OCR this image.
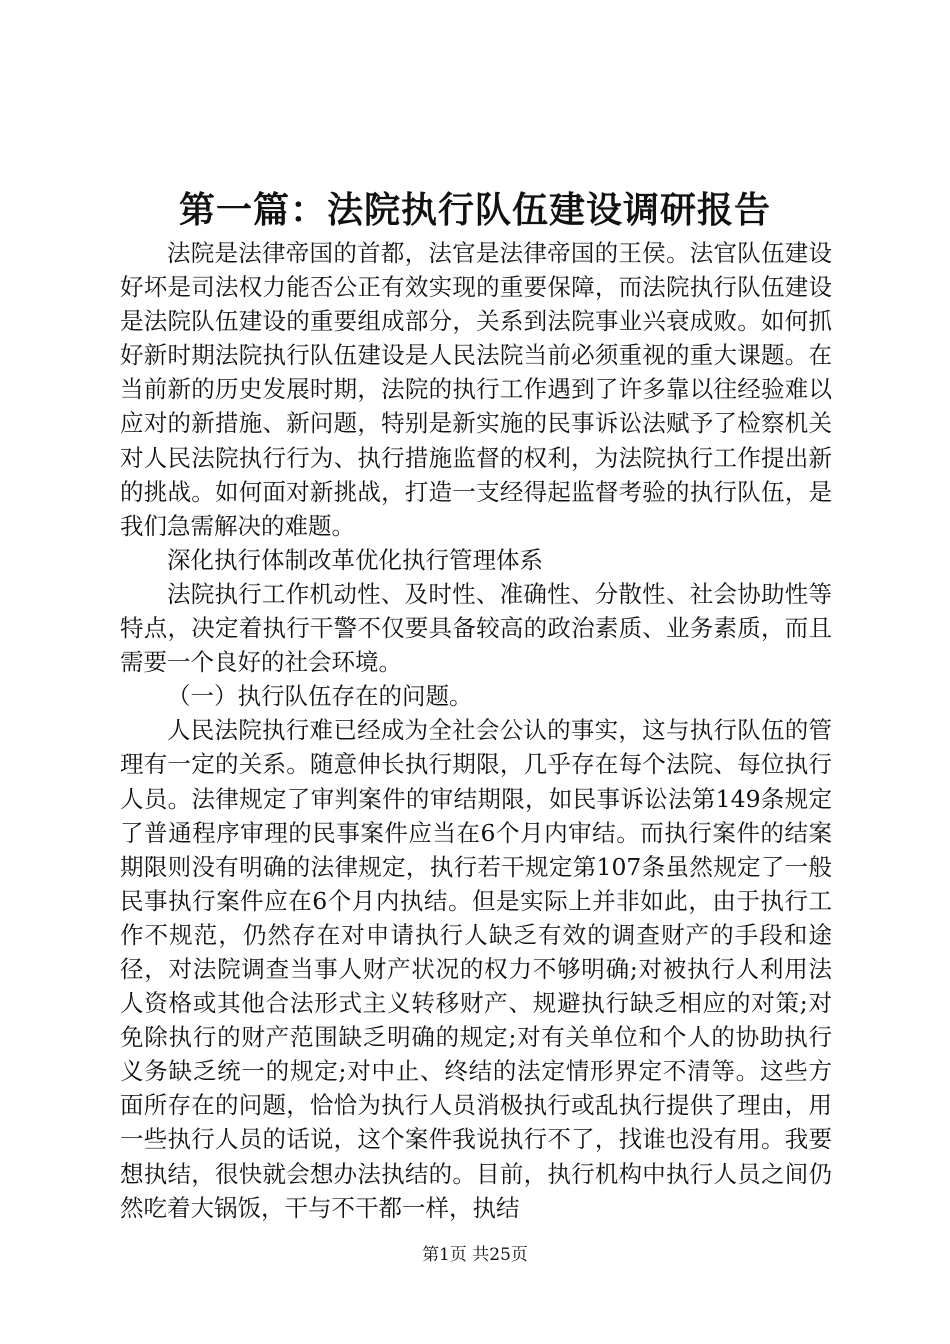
第一篇：法院执行队伍建设调研报告

法院是法律帝国的首都，法官是法律帝国的王侯。法官队伍建设好坏是司法权力能否公正有效实现的重要保障，而法院执行队伍建设是法院队伍建设的重要组成部分，关系到法院事业兴衰成败。如何抓好新时期法院执行队伍建设是人民法院当前必须重视的重大课题。在当前新的历史发展时期，法院的执行工作遇到了许多靠以往经验难以应对的新措施、新问题，特别是新实施的民事诉讼法赋予了检察机关对人民法院执行行为、执行措施监督的权利，为法院执行工作提出新的挑战。如何面对新挑战，打造一支经得起监督考验的执行队伍，是我们急需解决的难题。

深化执行体制改革优化执行管理体系

法院执行工作机动性、及时性、准确性、分散性、社会协助性等特点，决定着执行干警不仅要具备较高的政治素质、业务素质，而且需要一个良好的社会环境。

（一）执行队伍存在的问题。

人民法院执行难已经成为全社会公认的事实，这与执行队伍的管理有一定的关系。随意伸长执行期限，几乎存在每个法院、每位执行人员。法律规定了审判案件的审结期限，如民事诉讼法第149条规定了普通程序审理的民事案件应当在6个月内审结。而执行案件的结案期限则没有明确的法律规定，执行若干规定第107条虽然规定了一般民事执行案件应在6个月内执结。但是实际上并非如此，由于执行工作不规范，仍然存在对申请执行人缺乏有效的调查财产的手段和途径，对法院调查当事人财产状况的权力不够明确;对被执行人利用法人资格或其他合法形式主义转移财产、规避执行缺乏相应的对策;对免除执行的财产范围缺乏明确的规定;对有关单位和个人的协助执行义务缺乏统一的规定;对中止、终结的法定情形界定不清等。这些方面所存在的问题，恰恰为执行人员消极执行或乱执行提供了理由，用一些执行人员的话说，这个案件我说执行不了，找谁也没有用。我要想执结，很快就会想办法执结的。目前，执行机构中执行人员之间仍然吃着大锅饭，干与不干都一样，执结

第1页 共25页
